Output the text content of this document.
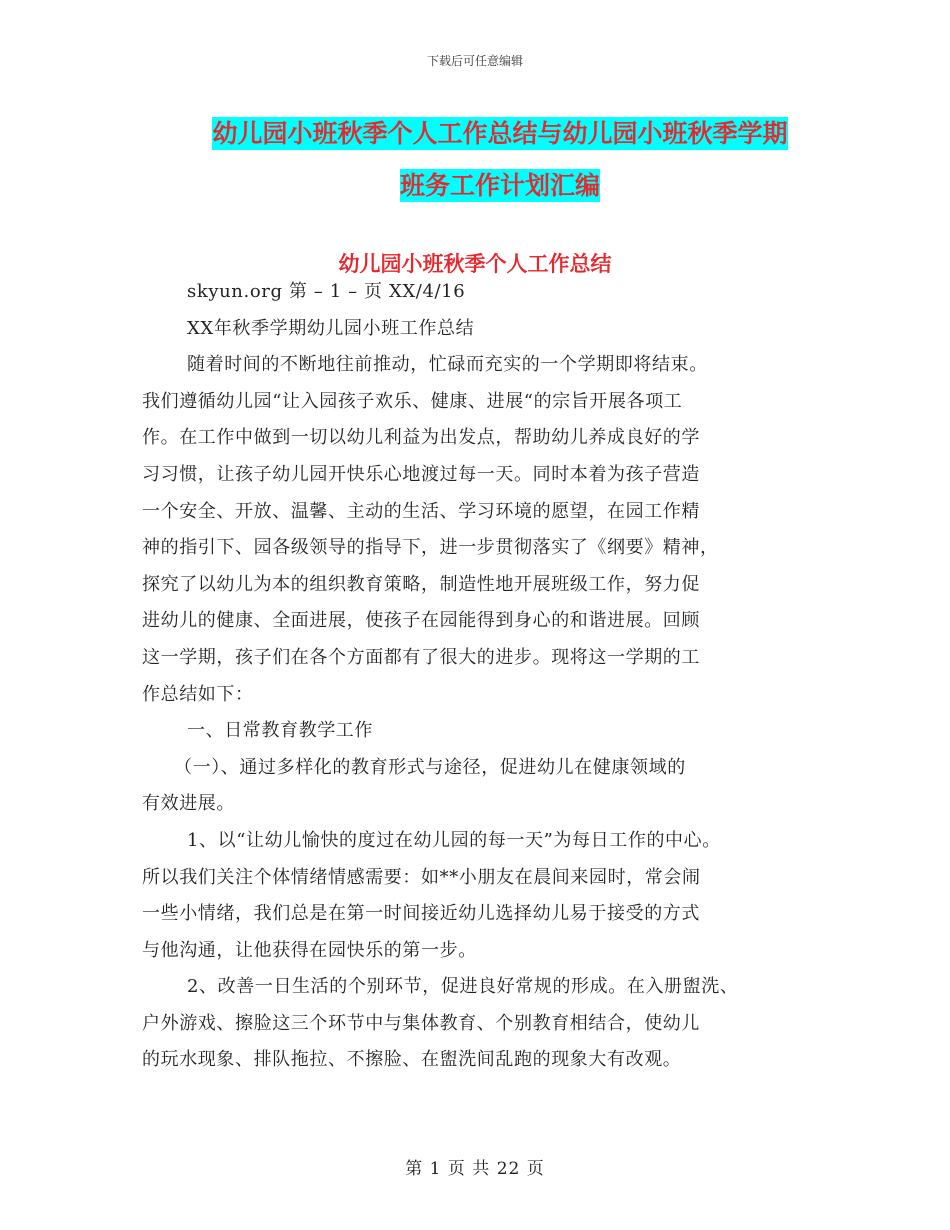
下载后可任意编辑
幼儿园小班秋季个人工作总结与幼儿园小班秋季学期
班务工作计划汇编
幼儿园小班秋季个人工作总结
skyun.org 第 – 1 – 页 XX/4/16
XX年秋季学期幼儿园小班工作总结
随着时间的不断地往前推动，忙碌而充实的一个学期即将结束。
我们遵循幼儿园“让入园孩子欢乐、健康、进展“的宗旨开展各项工
作。在工作中做到一切以幼儿利益为出发点，帮助幼儿养成良好的学
习习惯，让孩子幼儿园开快乐心地渡过每一天。同时本着为孩子营造
一个安全、开放、温馨、主动的生活、学习环境的愿望，在园工作精
神的指引下、园各级领导的指导下，进一步贯彻落实了《纲要》精神，
探究了以幼儿为本的组织教育策略，制造性地开展班级工作，努力促
进幼儿的健康、全面进展，使孩子在园能得到身心的和谐进展。回顾
这一学期，孩子们在各个方面都有了很大的进步。现将这一学期的工
作总结如下：
一、日常教育教学工作
（一）、通过多样化的教育形式与途径，促进幼儿在健康领域的
有效进展。
1、以“让幼儿愉快的度过在幼儿园的每一天”为每日工作的中心。
所以我们关注个体情绪情感需要：如**小朋友在晨间来园时，常会闹
一些小情绪，我们总是在第一时间接近幼儿选择幼儿易于接受的方式
与他沟通，让他获得在园快乐的第一步。
2、改善一日生活的个别环节，促进良好常规的形成。在入册盥洗、
户外游戏、擦脸这三个环节中与集体教育、个别教育相结合，使幼儿
的玩水现象、排队拖拉、不擦脸、在盥洗间乱跑的现象大有改观。
第 1 页 共 22 页
